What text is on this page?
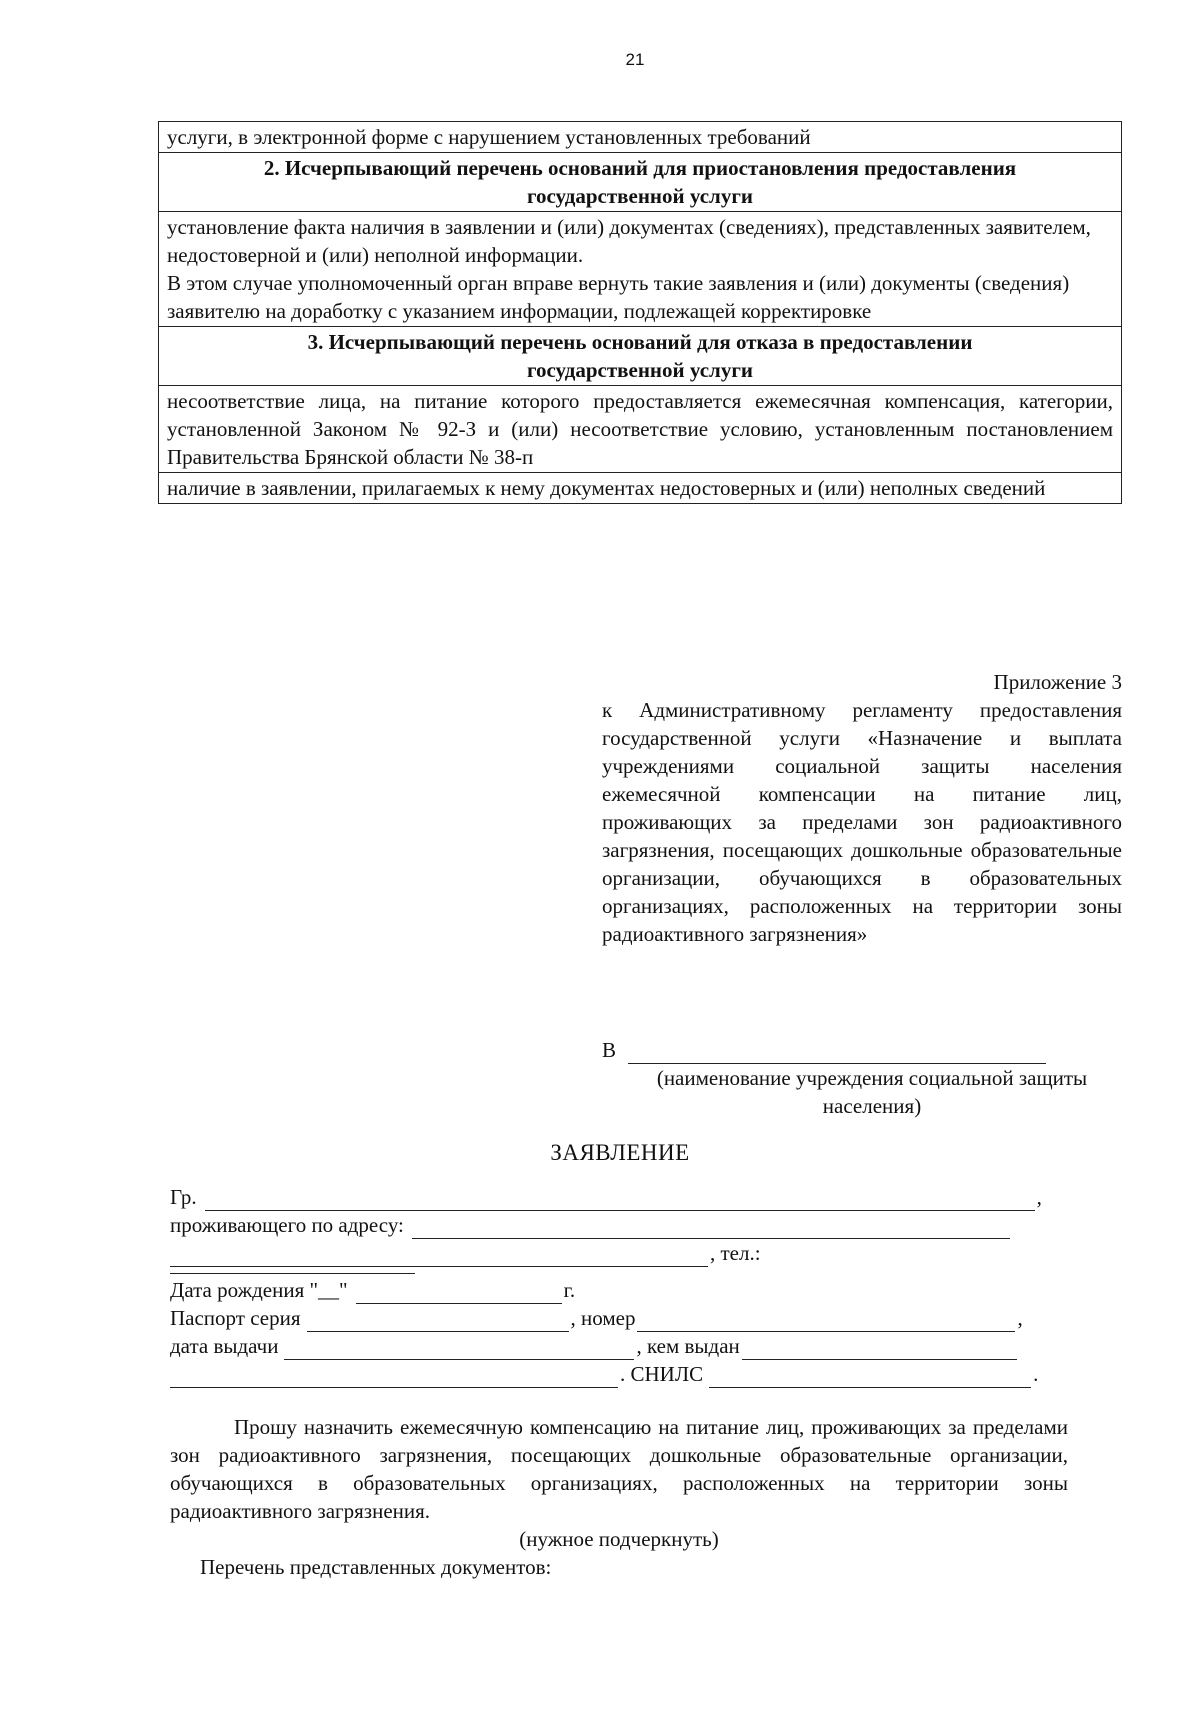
21
услуги, в электронной форме с нарушением установленных требований

2. Исчерпывающий перечень оснований для приостановления предоставления
государственной услуги

установление факта наличия в заявлении и (или) документах (сведениях), представленных заявителем, недостоверной и (или) неполной информации.
В этом случае уполномоченный орган вправе вернуть такие заявления и (или) документы (сведения) заявителю на доработку с указанием информации, подлежащей корректировке

3. Исчерпывающий перечень оснований для отказа в предоставлении
государственной услуги

несоответствие лица, на питание которого предоставляется ежемесячная компенсация, категории, установленной Законом № 92-З и (или) несоответствие условию, установленным постановлением Правительства Брянской области № 38-п
наличие в заявлении, прилагаемых к нему документах недостоверных и (или) неполных сведений
Приложение 3
к Административному регламенту предоставления государственной услуги «Назначение и выплата учреждениями социальной защиты населения ежемесячной компенсации на питание лиц, проживающих за пределами зон радиоактивного загрязнения, посещающих дошкольные образовательные организации, обучающихся в образовательных организациях, расположенных на территории зоны радиоактивного загрязнения»
В
(наименование учреждения социальной защиты населения)
ЗАЯВЛЕНИЕ
Гр.	,
проживающего по адресу:
, тел.:
Дата рождения "__"	г.
Паспорт серия	, номер	,
дата выдачи	, кем выдан
. СНИЛС	.
Прошу назначить ежемесячную компенсацию на питание лиц, проживающих за пределами зон радиоактивного загрязнения, посещающих дошкольные образовательные организации, обучающихся в образовательных организациях, расположенных на территории зоны радиоактивного загрязнения.
(нужное подчеркнуть)
Перечень представленных документов:
